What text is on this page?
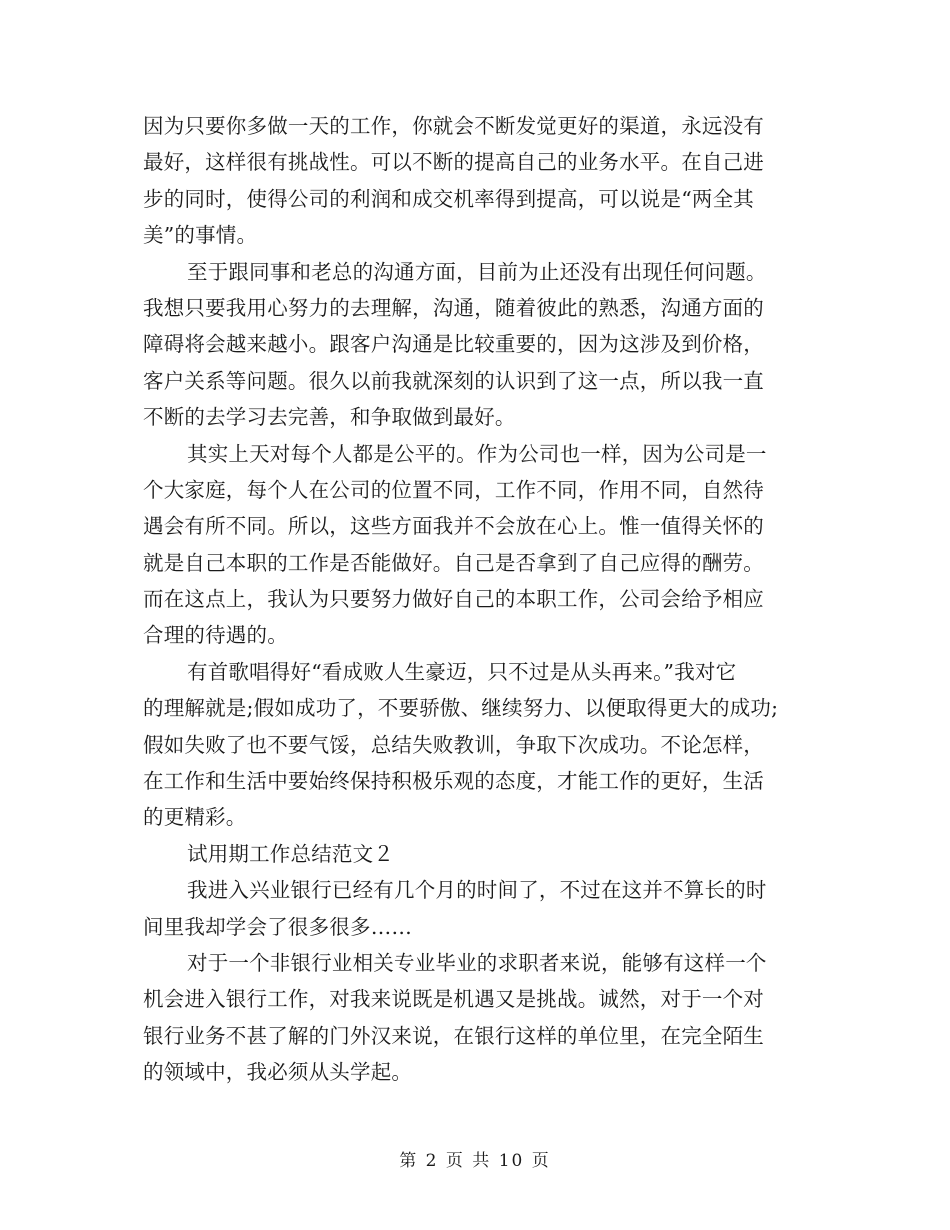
因为只要你多做一天的工作，你就会不断发觉更好的渠道，永远没有
最好，这样很有挑战性。可以不断的提高自己的业务水平。在自己进
步的同时，使得公司的利润和成交机率得到提高，可以说是“两全其
美”的事情。
至于跟同事和老总的沟通方面，目前为止还没有出现任何问题。
我想只要我用心努力的去理解，沟通，随着彼此的熟悉，沟通方面的
障碍将会越来越小。跟客户沟通是比较重要的，因为这涉及到价格，
客户关系等问题。很久以前我就深刻的认识到了这一点，所以我一直
不断的去学习去完善，和争取做到最好。
其实上天对每个人都是公平的。作为公司也一样，因为公司是一
个大家庭，每个人在公司的位置不同，工作不同，作用不同，自然待
遇会有所不同。所以，这些方面我并不会放在心上。惟一值得关怀的
就是自己本职的工作是否能做好。自己是否拿到了自己应得的酬劳。
而在这点上，我认为只要努力做好自己的本职工作，公司会给予相应
合理的待遇的。
有首歌唱得好“看成败人生豪迈，只不过是从头再来。”我对它
的理解就是;假如成功了，不要骄傲、继续努力、以便取得更大的成功;
假如失败了也不要气馁，总结失败教训，争取下次成功。不论怎样，
在工作和生活中要始终保持积极乐观的态度，才能工作的更好，生活
的更精彩。
试用期工作总结范文２
我进入兴业银行已经有几个月的时间了，不过在这并不算长的时
间里我却学会了很多很多……
对于一个非银行业相关专业毕业的求职者来说，能够有这样一个
机会进入银行工作，对我来说既是机遇又是挑战。诚然，对于一个对
银行业务不甚了解的门外汉来说，在银行这样的单位里，在完全陌生
的领域中，我必须从头学起。
第 2 页 共 10 页
